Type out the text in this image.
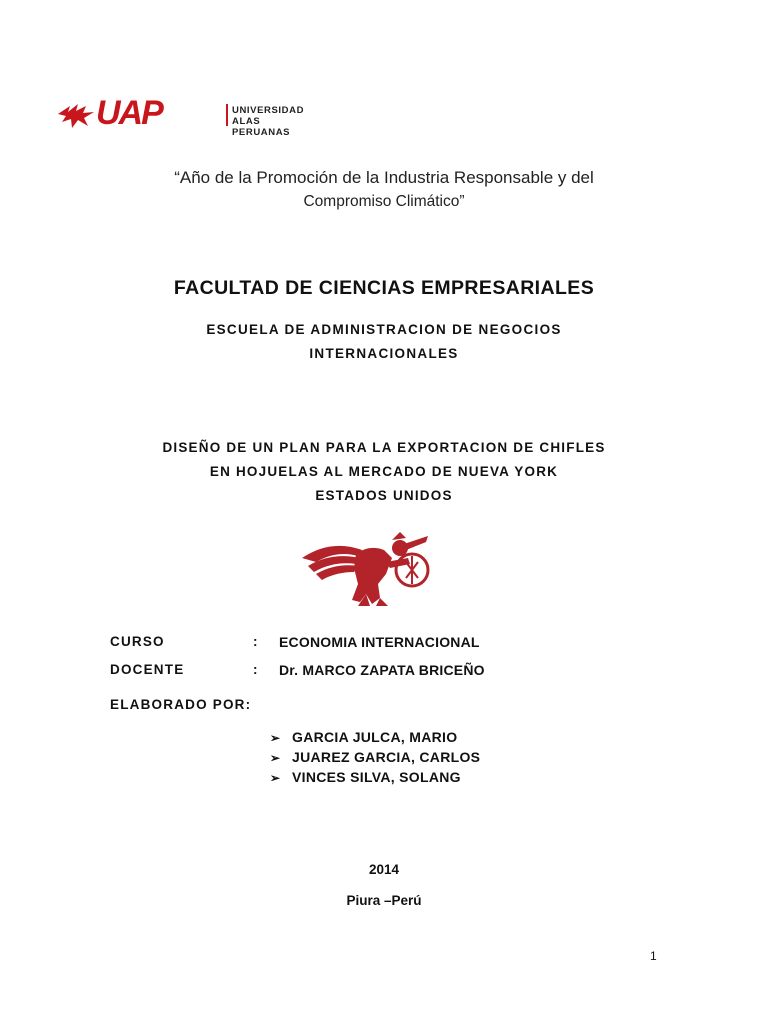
UAP	UNIVERSIDAD
ALAS PERUANAS
“Año de la Promoción de la Industria Responsable y del
Compromiso Climático”
FACULTAD DE CIENCIAS EMPRESARIALES
ESCUELA DE ADMINISTRACION DE NEGOCIOS
INTERNACIONALES
DISEÑO DE UN PLAN PARA LA EXPORTACION DE CHIFLES
EN HOJUELAS AL MERCADO DE NUEVA YORK
ESTADOS UNIDOS
CURSO	: ECONOMIA INTERNACIONAL
DOCENTE	: Dr. MARCO ZAPATA BRICEÑO
ELABORADO POR:
➢ GARCIA JULCA, MARIO
➢ JUAREZ GARCIA, CARLOS
➢ VINCES SILVA, SOLANG
2014
Piura –Perú
1
